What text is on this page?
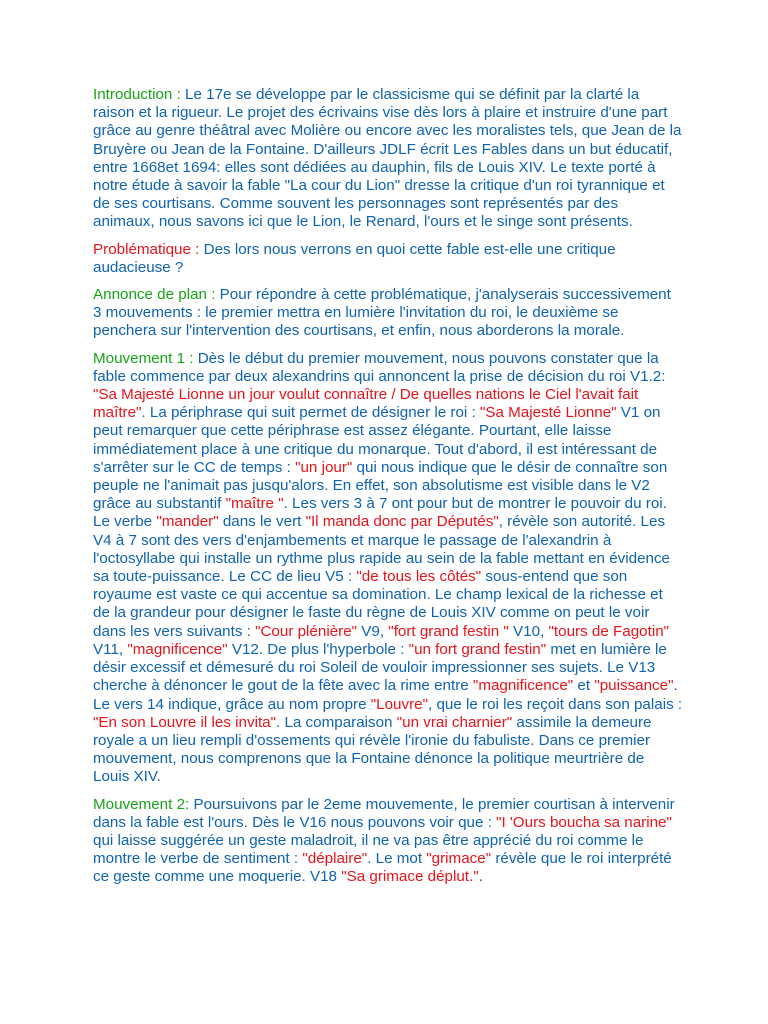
Introduction : Le 17e se développe par le classicisme qui se définit par la clarté la raison et la rigueur. Le projet des écrivains vise dès lors à plaire et instruire d'une part grâce au genre théâtral avec Molière ou encore avec les moralistes tels, que Jean de la Bruyère ou Jean de la Fontaine. D'ailleurs JDLF écrit Les Fables dans un but éducatif, entre 1668et 1694: elles sont dédiées au dauphin, fils de Louis XIV. Le texte porté à notre étude à savoir la fable "La cour du Lion" dresse la critique d'un roi tyrannique et de ses courtisans. Comme souvent les personnages sont représentés par des animaux, nous savons ici que le Lion, le Renard, l'ours et le singe sont présents.

Problématique : Des lors nous verrons en quoi cette fable est-elle une critique audacieuse ?

Annonce de plan : Pour répondre à cette problématique, j'analyserais successivement 3 mouvements : le premier mettra en lumière l'invitation du roi, le deuxième se penchera sur l'intervention des courtisans, et enfin, nous aborderons la morale.

Mouvement 1 : Dès le début du premier mouvement, nous pouvons constater que la fable commence par deux alexandrins qui annoncent la prise de décision du roi V1.2: "Sa Majesté Lionne un jour voulut connaître / De quelles nations le Ciel l'avait fait maître". La périphrase qui suit permet de désigner le roi : "Sa Majesté Lionne" V1 on peut remarquer que cette périphrase est assez élégante. Pourtant, elle laisse immédiatement place à une critique du monarque. Tout d'abord, il est intéressant de s'arrêter sur le CC de temps : "un jour" qui nous indique que le désir de connaître son peuple ne l'animait pas jusqu'alors. En effet, son absolutisme est visible dans le V2 grâce au substantif "maître ". Les vers 3 à 7 ont pour but de montrer le pouvoir du roi. Le verbe "mander" dans le vert "Il manda donc par Députés", révèle son autorité. Les V4 à 7 sont des vers d'enjambements et marque le passage de l'alexandrin à l'octosyllabe qui installe un rythme plus rapide au sein de la fable mettant en évidence sa toute-puissance. Le CC de lieu V5 : "de tous les côtés" sous-entend que son royaume est vaste ce qui accentue sa domination. Le champ lexical de la richesse et de la grandeur pour désigner le faste du règne de Louis XIV comme on peut le voir dans les vers suivants : "Cour plénière" V9, "fort grand festin " V10, "tours de Fagotin" V11, "magnificence" V12. De plus l'hyperbole : "un fort grand festin" met en lumière le désir excessif et démesuré du roi Soleil de vouloir impressionner ses sujets. Le V13 cherche à dénoncer le gout de la fête avec la rime entre "magnificence" et "puissance". Le vers 14 indique, grâce au nom propre "Louvre", que le roi les reçoit dans son palais : "En son Louvre il les invita". La comparaison "un vrai charnier" assimile la demeure royale a un lieu rempli d'ossements qui révèle l'ironie du fabuliste. Dans ce premier mouvement, nous comprenons que la Fontaine dénonce la politique meurtrière de Louis XIV.

Mouvement 2: Poursuivons par le 2eme mouvemente, le premier courtisan à intervenir dans la fable est l'ours. Dès le V16 nous pouvons voir que : "I 'Ours boucha sa narine" qui laisse suggérée un geste maladroit, il ne va pas être apprécié du roi comme le montre le verbe de sentiment : "déplaire". Le mot "grimace" révèle que le roi interprété ce geste comme une moquerie. V18 "Sa grimace déplut.".
